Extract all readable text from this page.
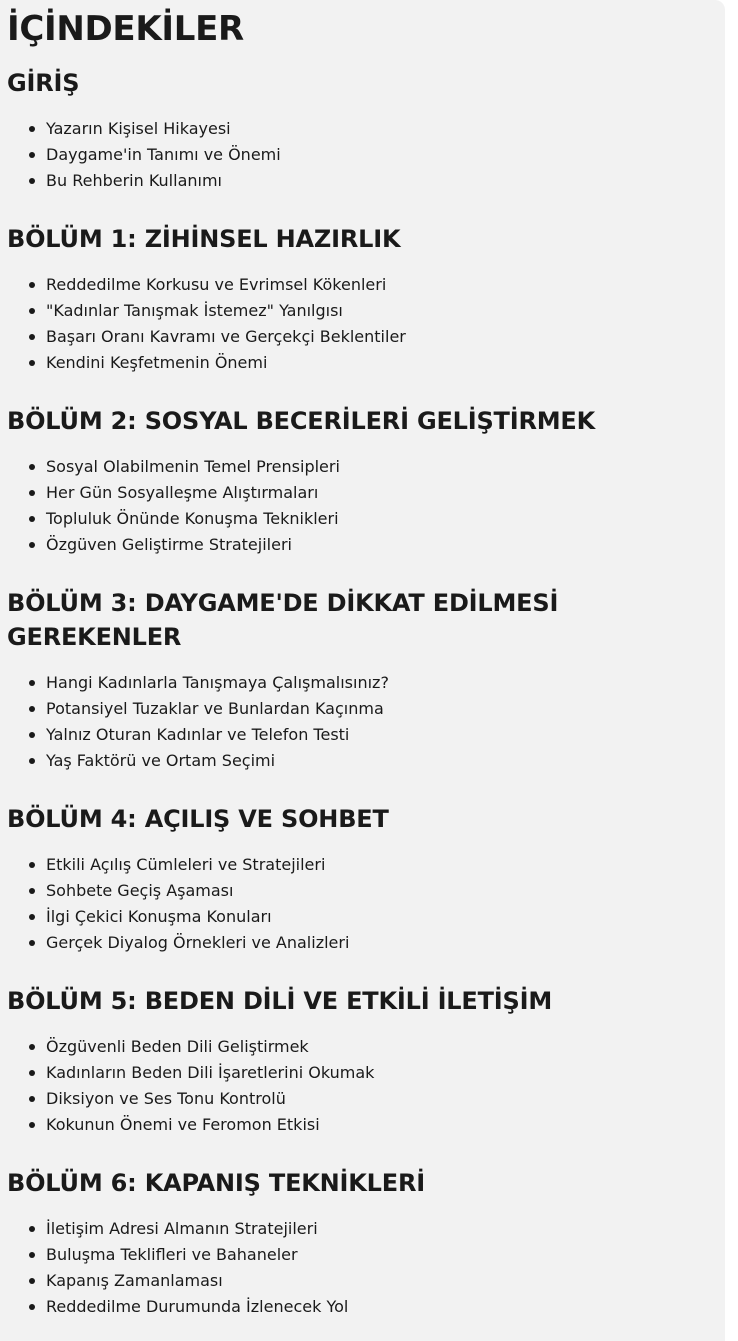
İÇİNDEKİLER
GİRİŞ
Yazarın Kişisel Hikayesi
Daygame'in Tanımı ve Önemi
Bu Rehberin Kullanımı
BÖLÜM 1: ZİHİNSEL HAZIRLIK
Reddedilme Korkusu ve Evrimsel Kökenleri
"Kadınlar Tanışmak İstemez" Yanılgısı
Başarı Oranı Kavramı ve Gerçekçi Beklentiler
Kendini Keşfetmenin Önemi
BÖLÜM 2: SOSYAL BECERİLERİ GELİŞTİRMEK
Sosyal Olabilmenin Temel Prensipleri
Her Gün Sosyalleşme Alıştırmaları
Topluluk Önünde Konuşma Teknikleri
Özgüven Geliştirme Stratejileri
BÖLÜM 3: DAYGAME'DE DİKKAT EDİLMESİ GEREKENLER
Hangi Kadınlarla Tanışmaya Çalışmalısınız?
Potansiyel Tuzaklar ve Bunlardan Kaçınma
Yalnız Oturan Kadınlar ve Telefon Testi
Yaş Faktörü ve Ortam Seçimi
BÖLÜM 4: AÇILIŞ VE SOHBET
Etkili Açılış Cümleleri ve Stratejileri
Sohbete Geçiş Aşaması
İlgi Çekici Konuşma Konuları
Gerçek Diyalog Örnekleri ve Analizleri
BÖLÜM 5: BEDEN DİLİ VE ETKİLİ İLETİŞİM
Özgüvenli Beden Dili Geliştirmek
Kadınların Beden Dili İşaretlerini Okumak
Diksiyon ve Ses Tonu Kontrolü
Kokunun Önemi ve Feromon Etkisi
BÖLÜM 6: KAPANIŞ TEKNİKLERİ
İletişim Adresi Almanın Stratejileri
Buluşma Teklifleri ve Bahaneler
Kapanış Zamanlaması
Reddedilme Durumunda İzlenecek Yol
